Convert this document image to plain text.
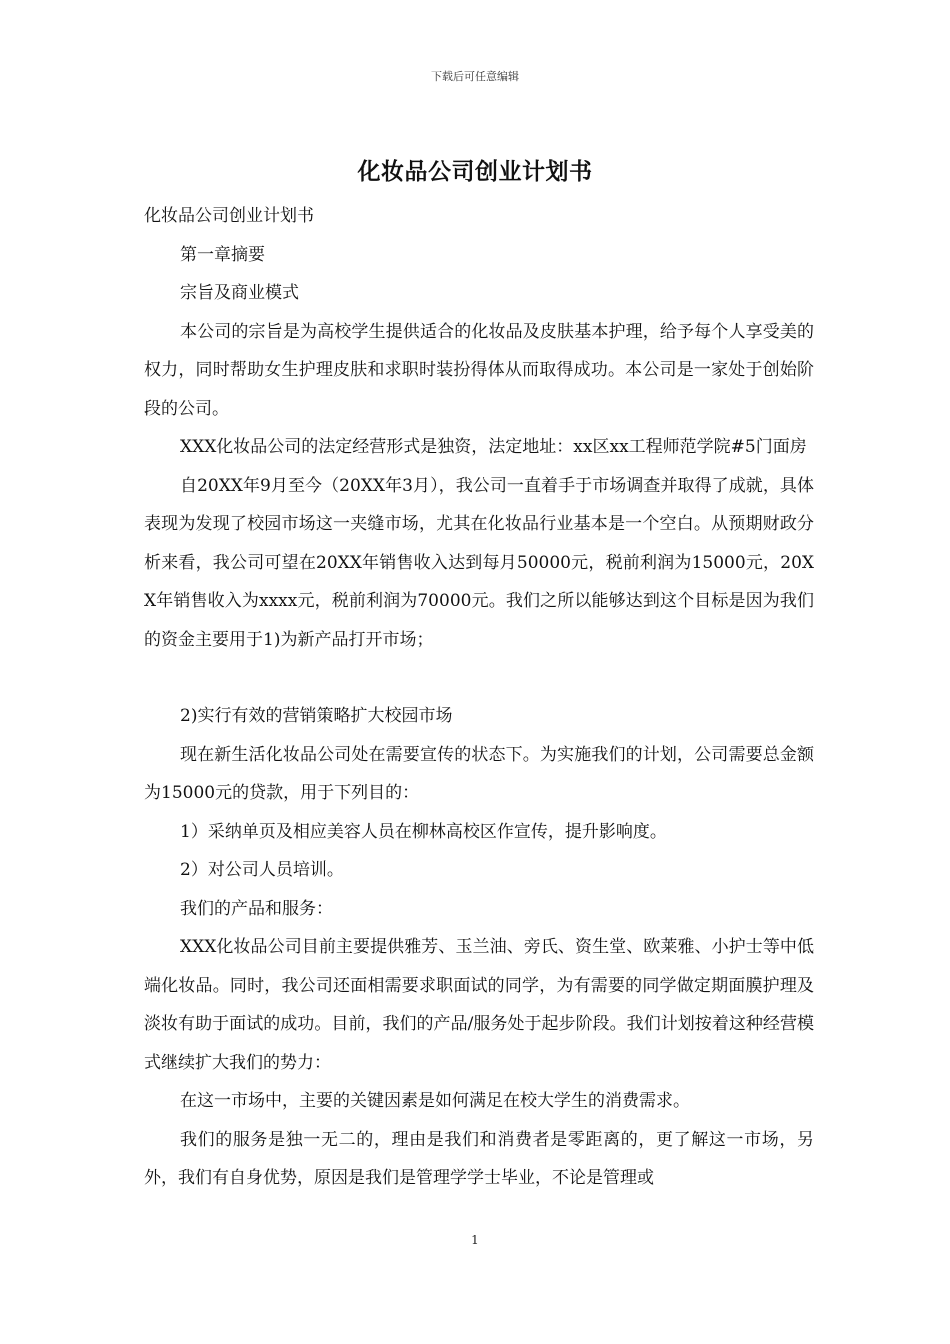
下载后可任意编辑
化妆品公司创业计划书

化妆品公司创业计划书

第一章摘要

宗旨及商业模式

本公司的宗旨是为高校学生提供适合的化妆品及皮肤基本护理，给予每个人享受美的权力，同时帮助女生护理皮肤和求职时装扮得体从而取得成功。本公司是一家处于创始阶段的公司。

XXX化妆品公司的法定经营形式是独资，法定地址：xx区xx工程师范学院#5门面房

自20XX年9月至今（20XX年3月），我公司一直着手于市场调查并取得了成就，具体表现为发现了校园市场这一夹缝市场，尤其在化妆品行业基本是一个空白。从预期财政分析来看，我公司可望在20XX年销售收入达到每月50000元，税前利润为15000元，20XX年销售收入为xxxx元，税前利润为70000元。我们之所以能够达到这个目标是因为我们的资金主要用于1)为新产品打开市场；

2)实行有效的营销策略扩大校园市场

现在新生活化妆品公司处在需要宣传的状态下。为实施我们的计划，公司需要总金额为15000元的贷款，用于下列目的：

1）采纳单页及相应美容人员在柳林高校区作宣传，提升影响度。

2）对公司人员培训。

我们的产品和服务：

XXX化妆品公司目前主要提供雅芳、玉兰油、旁氏、资生堂、欧莱雅、小护士等中低端化妆品。同时，我公司还面相需要求职面试的同学，为有需要的同学做定期面膜护理及淡妆有助于面试的成功。目前，我们的产品/服务处于起步阶段。我们计划按着这种经营模式继续扩大我们的势力：

在这一市场中，主要的关键因素是如何满足在校大学生的消费需求。

我们的服务是独一无二的，理由是我们和消费者是零距离的，更了解这一市场，另外，我们有自身优势，原因是我们是管理学学士毕业，不论是管理或

1
